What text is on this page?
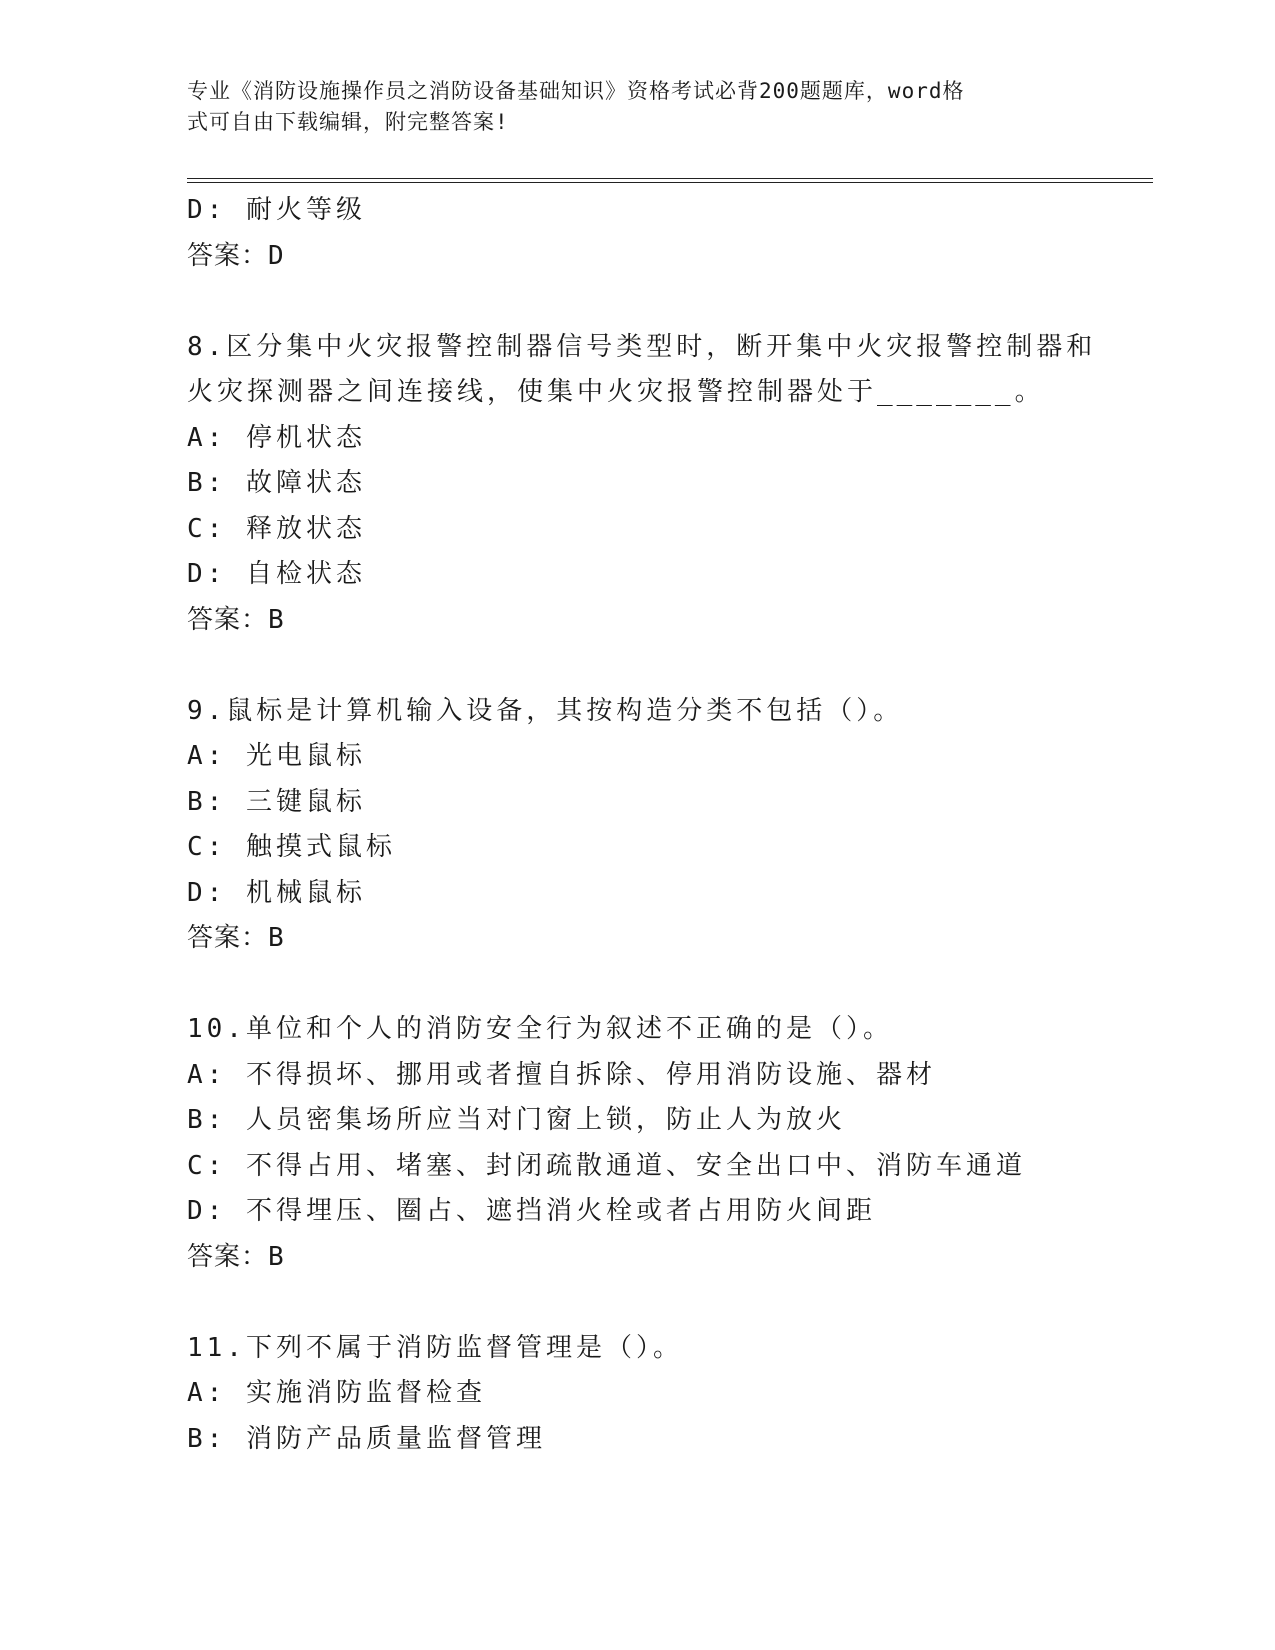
专业《消防设施操作员之消防设备基础知识》资格考试必背200题题库，word格
式可自由下载编辑，附完整答案!
D: 耐火等级
答案：D
8.区分集中火灾报警控制器信号类型时，断开集中火灾报警控制器和
火灾探测器之间连接线，使集中火灾报警控制器处于_______。
A: 停机状态
B: 故障状态
C: 释放状态
D: 自检状态
答案：B
9.鼠标是计算机输入设备，其按构造分类不包括（）。
A: 光电鼠标
B: 三键鼠标
C: 触摸式鼠标
D: 机械鼠标
答案：B
10.单位和个人的消防安全行为叙述不正确的是（）。
A: 不得损坏、挪用或者擅自拆除、停用消防设施、器材
B: 人员密集场所应当对门窗上锁，防止人为放火
C: 不得占用、堵塞、封闭疏散通道、安全出口中、消防车通道
D: 不得埋压、圈占、遮挡消火栓或者占用防火间距
答案：B
11.下列不属于消防监督管理是（）。
A: 实施消防监督检查
B: 消防产品质量监督管理
